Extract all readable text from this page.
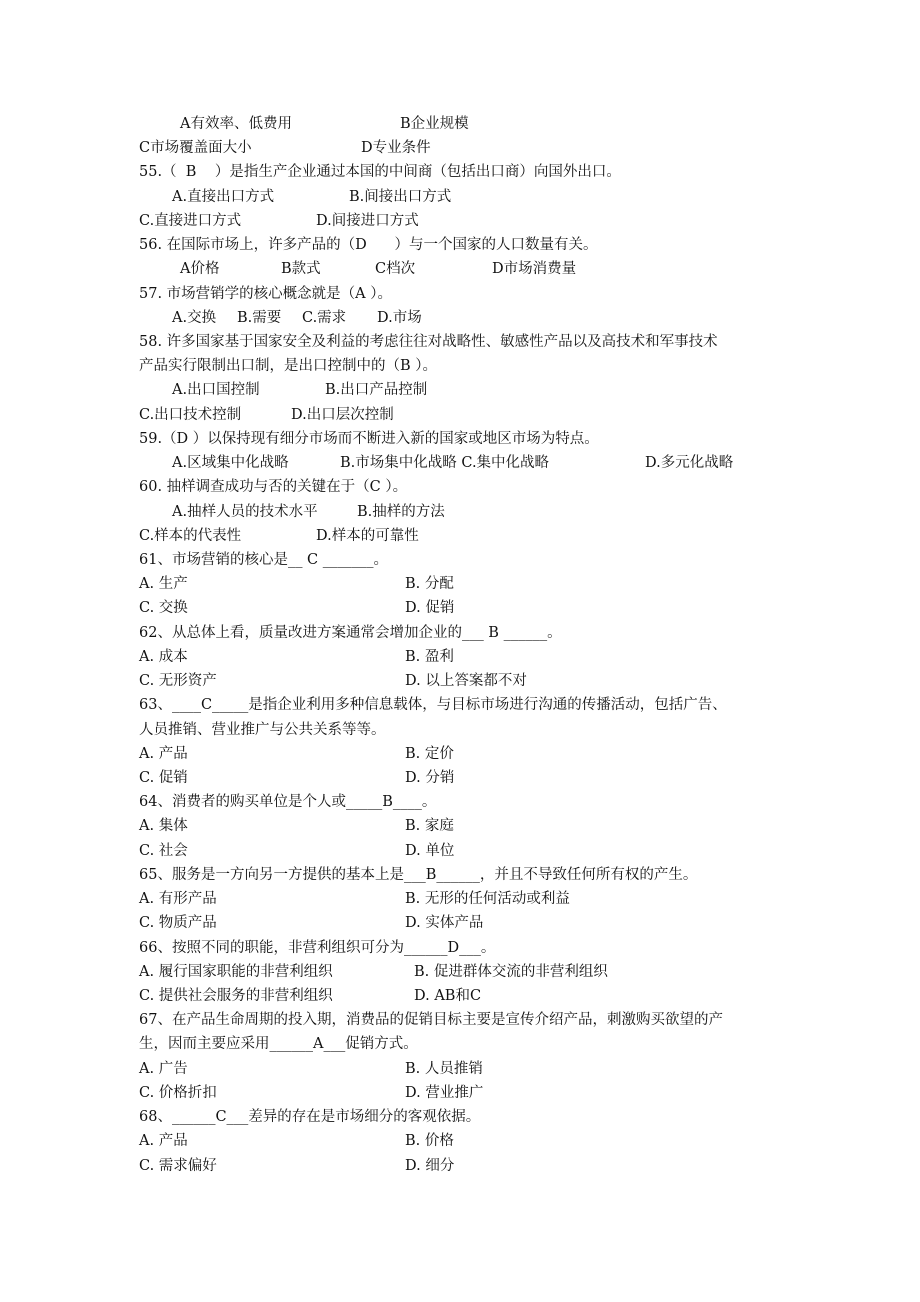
A有效率、低费用	B企业规模
C市场覆盖面大小	D专业条件
55.（  B    ）是指生产企业通过本国的中间商（包括出口商）向国外出口。
A.直接出口方式	B.间接出口方式
C.直接进口方式	D.间接进口方式
56. 在国际市场上，许多产品的（D      ）与一个国家的人口数量有关。
A价格	B款式	C档次	D市场消费量
57. 市场营销学的核心概念就是（A ）。
A.交换 B.需要 C.需求 D.市场
58. 许多国家基于国家安全及利益的考虑往往对战略性、敏感性产品以及高技术和军事技术
产品实行限制出口制，是出口控制中的（B ）。
A.出口国控制	B.出口产品控制
C.出口技术控制	D.出口层次控制
59.（D ）以保持现有细分市场而不断进入新的国家或地区市场为特点。
A.区域集中化战略	B.市场集中化战略 C.集中化战略	D.多元化战略
60. 抽样调查成功与否的关键在于（C ）。
A.抽样人员的技术水平	B.抽样的方法
C.样本的代表性	D.样本的可靠性
61、市场营销的核心是__ C _______。
A. 生产	B. 分配
C. 交换	D. 促销
62、从总体上看，质量改进方案通常会增加企业的___ B ______。
A. 成本	B. 盈利
C. 无形资产	D. 以上答案都不对
63、____C_____是指企业利用多种信息载体，与目标市场进行沟通的传播活动，包括广告、
人员推销、营业推广与公共关系等等。
A. 产品	B. 定价
C. 促销	D. 分销
64、消费者的购买单位是个人或_____B____。
A. 集体	B. 家庭
C. 社会	D. 单位
65、服务是一方向另一方提供的基本上是___B______，并且不导致任何所有权的产生。
A. 有形产品	B. 无形的任何活动或利益
C. 物质产品	D. 实体产品
66、按照不同的职能，非营利组织可分为______D___。
A. 履行国家职能的非营利组织	B. 促进群体交流的非营利组织
C. 提供社会服务的非营利组织	D. AB和C
67、在产品生命周期的投入期，消费品的促销目标主要是宣传介绍产品，刺激购买欲望的产
生，因而主要应采用______A___促销方式。
A. 广告	B. 人员推销
C. 价格折扣	D. 营业推广
68、______C___差异的存在是市场细分的客观依据。
A. 产品	B. 价格
C. 需求偏好	D. 细分
